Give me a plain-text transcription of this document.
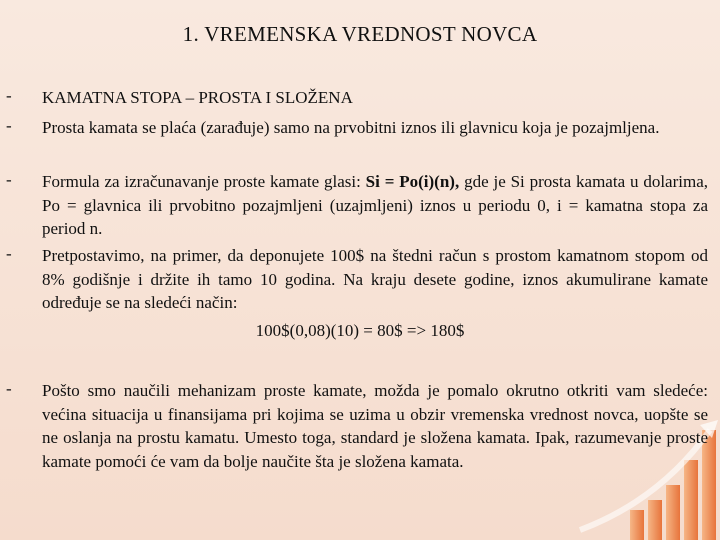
1. VREMENSKA VREDNOST NOVCA
- KAMATNA STOPA – PROSTA I SLOŽENA
- Prosta kamata se plaća (zarađuje) samo na prvobitni iznos ili glavnicu koja je pozajmljena.
- Formula za izračunavanje proste kamate glasi: Si = Po(i)(n), gde je Si prosta kamata u dolarima, Po = glavnica ili prvobitno pozajmljeni (uzajmljeni) iznos u periodu 0, i = kamatna stopa za period n.
- Pretpostavimo, na primer, da deponujete 100$ na štedni račun s prostom kamatnom stopom od 8% godišnje i držite ih tamo 10 godina. Na kraju desete godine, iznos akumulirane kamate određuje se na sledeći način:
100$(0,08)(10) = 80$ => 180$
- Pošto smo naučili mehanizam proste kamate, možda je pomalo okrutno otkriti vam sledeće: većina situacija u finansijama pri kojima se uzima u obzir vremenska vrednost novca, uopšte se ne oslanja na prostu kamatu. Umesto toga, standard je složena kamata. Ipak, razumevanje proste kamate pomoći će vam da bolje naučite šta je složena kamata.
